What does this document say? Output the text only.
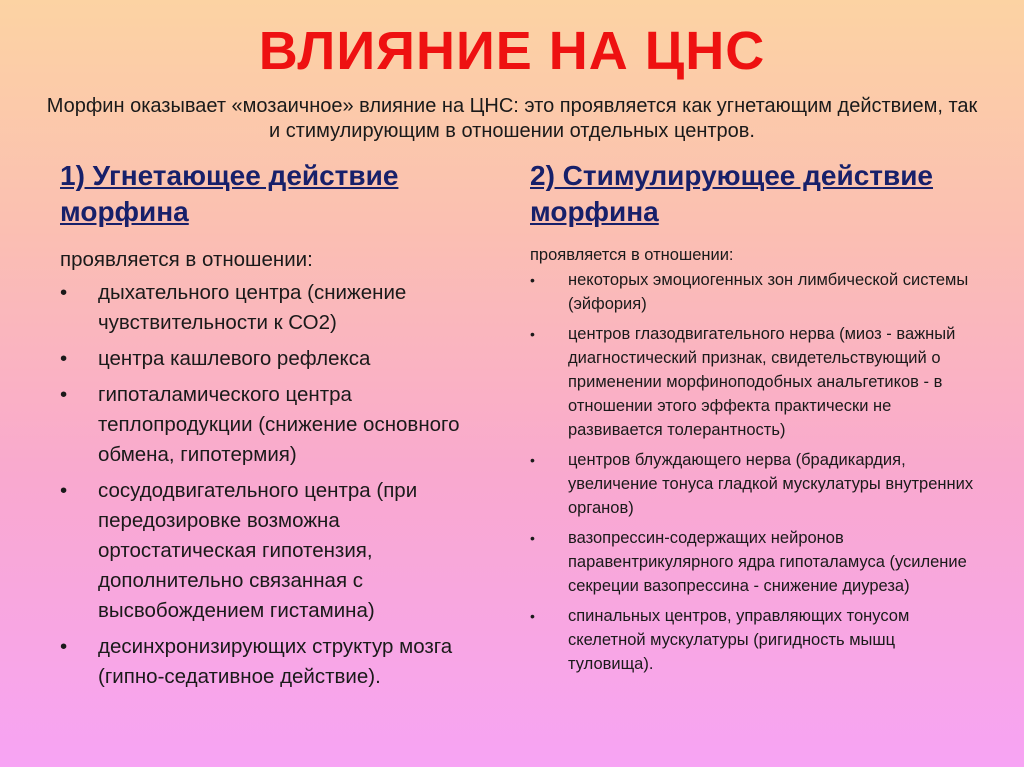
ВЛИЯНИЕ НА ЦНС
Морфин оказывает «мозаичное» влияние на ЦНС: это проявляется как угнетающим действием, так и стимулирующим в отношении отдельных центров.
1) Угнетающее действие морфина
проявляется в отношении:
• дыхательного центра (снижение чувствительности к СО2)
• центра кашлевого рефлекса
• гипоталамического центра теплопродукции (снижение основного обмена, гипотермия)
• сосудодвигательного центра (при передозировке возможна ортостатическая гипотензия, дополнительно связанная с высвобождением гистамина)
• десинхронизирующих структур мозга (гипно-седативное действие).
2) Стимулирующее действие морфина
проявляется в отношении:
• некоторых эмоциогенных зон лимбической системы (эйфория)
• центров глазодвигательного нерва (миоз - важный диагностический признак, свидетельствующий о применении морфиноподобных анальгетиков - в отношении этого эффекта практически не развивается толерантность)
• центров блуждающего нерва (брадикардия, увеличение тонуса гладкой мускулатуры внутренних органов)
• вазопрессин-содержащих нейронов паравентрикулярного ядра гипоталамуса (усиление секреции вазопрессина - снижение диуреза)
• спинальных центров, управляющих тонусом скелетной мускулатуры (ригидность мышц туловища).
